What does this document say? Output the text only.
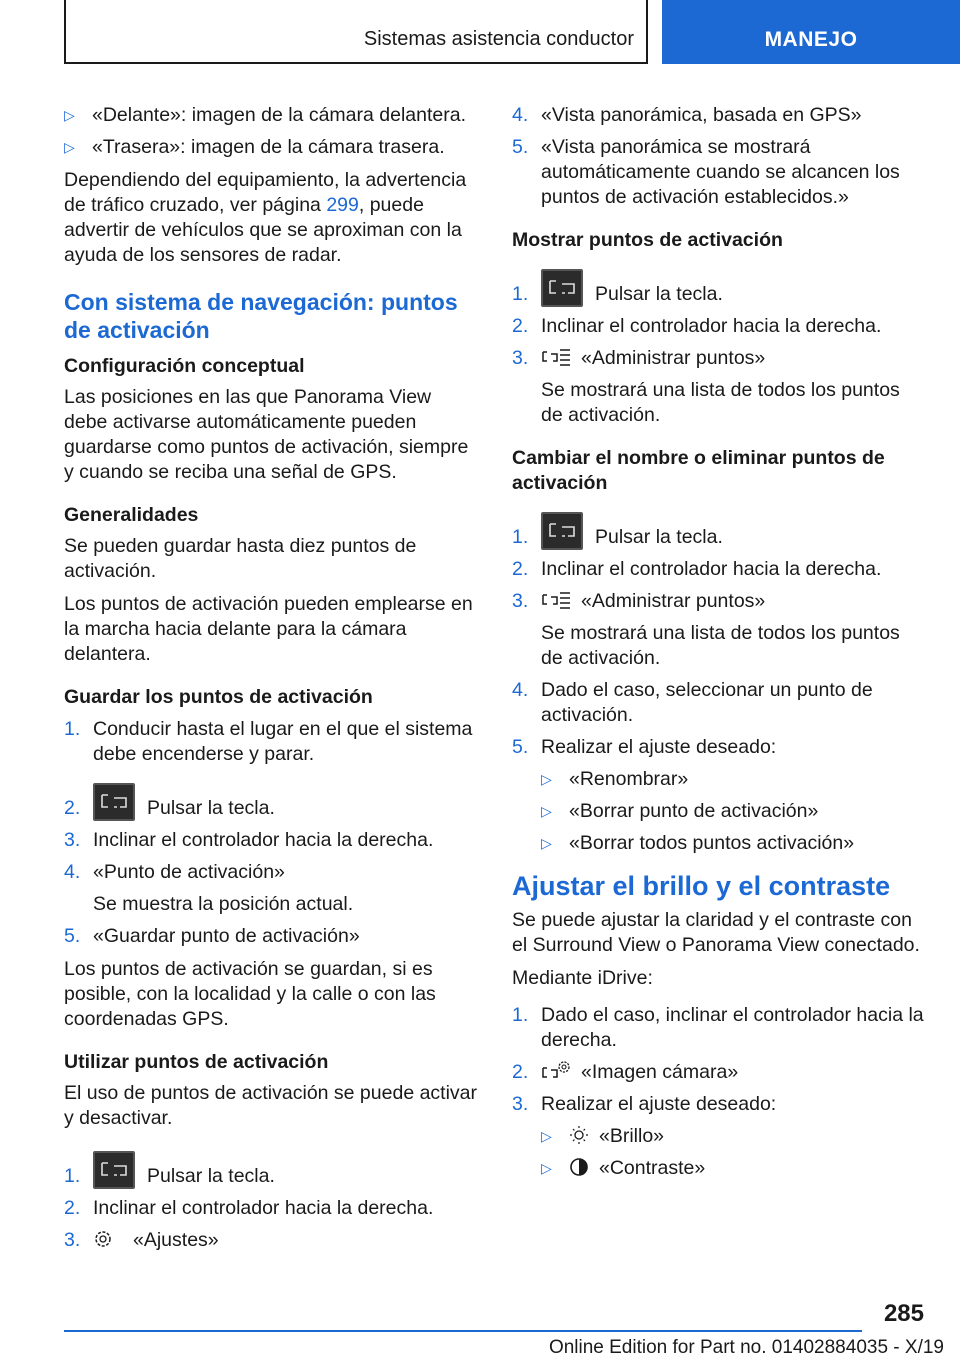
Sistemas asistencia conductor	MANEJO
▷ «Delante»: imagen de la cámara delantera.
▷ «Trasera»: imagen de la cámara trasera.

Dependiendo del equipamiento, la advertencia de tráfico cruzado, ver página 299, puede advertir de vehículos que se aproximan con la ayuda de los sensores de radar.

Con sistema de navegación: puntos de activación
Configuración conceptual

Las posiciones en las que Panorama View debe activarse automáticamente pueden guardarse como puntos de activación, siempre y cuando se reciba una señal de GPS.

Generalidades

Se pueden guardar hasta diez puntos de activación.

Los puntos de activación pueden emplearse en la marcha hacia delante para la cámara delantera.

Guardar los puntos de activación
1. Conducir hasta el lugar en el que el sistema debe encenderse y parar.
2.	Pulsar la tecla.
3. Inclinar el controlador hacia la derecha.
4. «Punto de activación»
Se muestra la posición actual.
5. «Guardar punto de activación»

Los puntos de activación se guardan, si es posible, con la localidad y la calle o con las coordenadas GPS.

Utilizar puntos de activación

El uso de puntos de activación se puede activar y desactivar.

1.	Pulsar la tecla.
2. Inclinar el controlador hacia la derecha.
3.	«Ajustes»
4. «Vista panorámica, basada en GPS»
5. «Vista panorámica se mostrará automáticamente cuando se alcancen los puntos de activación establecidos.»
Mostrar puntos de activación
1.	Pulsar la tecla.
2. Inclinar el controlador hacia la derecha.
3.	«Administrar puntos»
Se mostrará una lista de todos los puntos de activación.
Cambiar el nombre o eliminar puntos de activación
1.	Pulsar la tecla.
2. Inclinar el controlador hacia la derecha.
3.	«Administrar puntos»
Se mostrará una lista de todos los puntos de activación.
4. Dado el caso, seleccionar un punto de activación.
5. Realizar el ajuste deseado:
▷ «Renombrar»
▷ «Borrar punto de activación»
▷ «Borrar todos puntos activación»
Ajustar el brillo y el contraste

Se puede ajustar la claridad y el contraste con el Surround View o Panorama View conectado.

Mediante iDrive:

1. Dado el caso, inclinar el controlador hacia la derecha.
2.	«Imagen cámara»
3. Realizar el ajuste deseado:
▷	«Brillo»
▷	«Contraste»
285
Online Edition for Part no. 01402884035 - X/19
